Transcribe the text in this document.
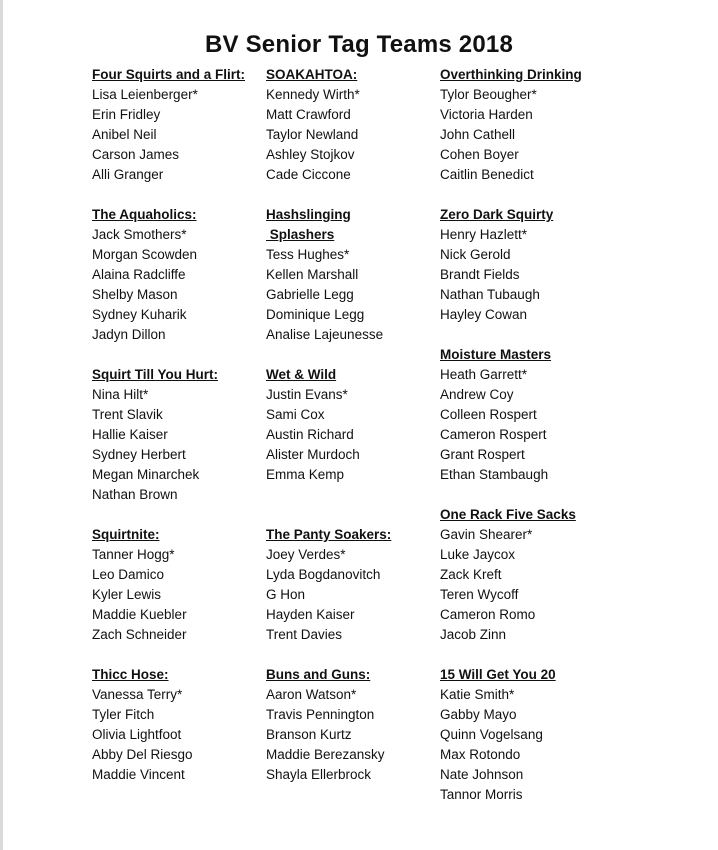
BV Senior Tag Teams 2018
Four Squirts and a Flirt:
Lisa Leienberger*
Erin Fridley
Anibel Neil
Carson James
Alli Granger
The Aquaholics:
Jack Smothers*
Morgan Scowden
Alaina Radcliffe
Shelby Mason
Sydney Kuharik
Jadyn Dillon
Squirt Till You Hurt:
Nina Hilt*
Trent Slavik
Hallie Kaiser
Sydney Herbert
Megan Minarchek
Nathan Brown
Squirtnite:
Tanner Hogg*
Leo Damico
Kyler Lewis
Maddie Kuebler
Zach Schneider
Thicc Hose:
Vanessa Terry*
Tyler Fitch
Olivia Lightfoot
Abby Del Riesgo
Maddie Vincent
SOAKAHTOA:
Kennedy Wirth*
Matt Crawford
Taylor Newland
Ashley Stojkov
Cade Ciccone
Hashslinging
Splashers
Tess Hughes*
Kellen Marshall
Gabrielle Legg
Dominique Legg
Analise Lajeunesse
Wet & Wild
Justin Evans*
Sami Cox
Austin Richard
Alister Murdoch
Emma Kemp
The Panty Soakers:
Joey Verdes*
Lyda Bogdanovitch
G Hon
Hayden Kaiser
Trent Davies
Buns and Guns:
Aaron Watson*
Travis Pennington
Branson Kurtz
Maddie Berezansky
Shayla Ellerbrock
Overthinking Drinking
Tylor Beougher*
Victoria Harden
John Cathell
Cohen Boyer
Caitlin Benedict
Zero Dark Squirty
Henry Hazlett*
Nick Gerold
Brandt Fields
Nathan Tubaugh
Hayley Cowan
Moisture Masters
Heath Garrett*
Andrew Coy
Colleen Rospert
Cameron Rospert
Grant Rospert
Ethan Stambaugh
One Rack Five Sacks
Gavin Shearer*
Luke Jaycox
Zack Kreft
Teren Wycoff
Cameron Romo
Jacob Zinn
15 Will Get You 20
Katie Smith*
Gabby Mayo
Quinn Vogelsang
Max Rotondo
Nate Johnson
Tannor Morris
